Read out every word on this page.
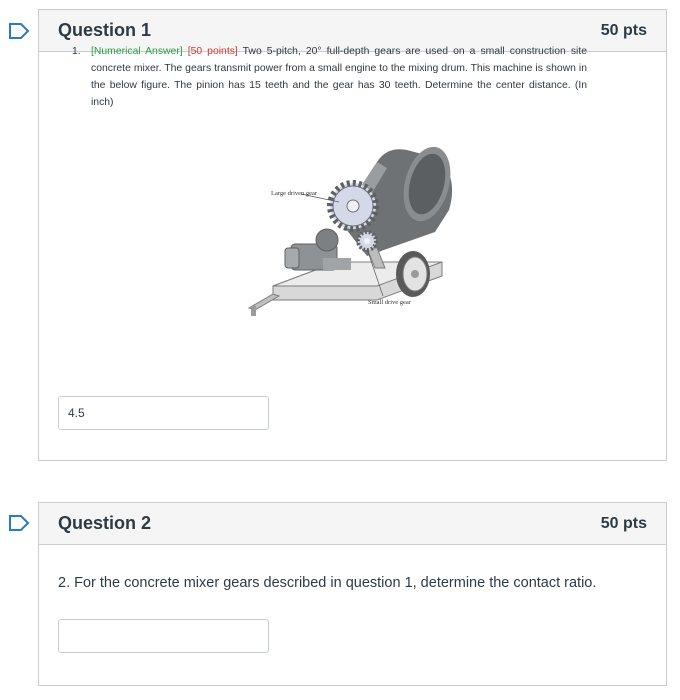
Question 1	50 pts
1. [Numerical Answer] [50 points] Two 5-pitch, 20° full-depth gears are used on a small construction site concrete mixer. The gears transmit power from a small engine to the mixing drum. This machine is shown in the below figure. The pinion has 15 teeth and the gear has 30 teeth. Determine the center distance. (In inch)
Large driven gear
Small drive gear
4.5
Question 2	50 pts
2. For the concrete mixer gears described in question 1, determine the contact ratio.
